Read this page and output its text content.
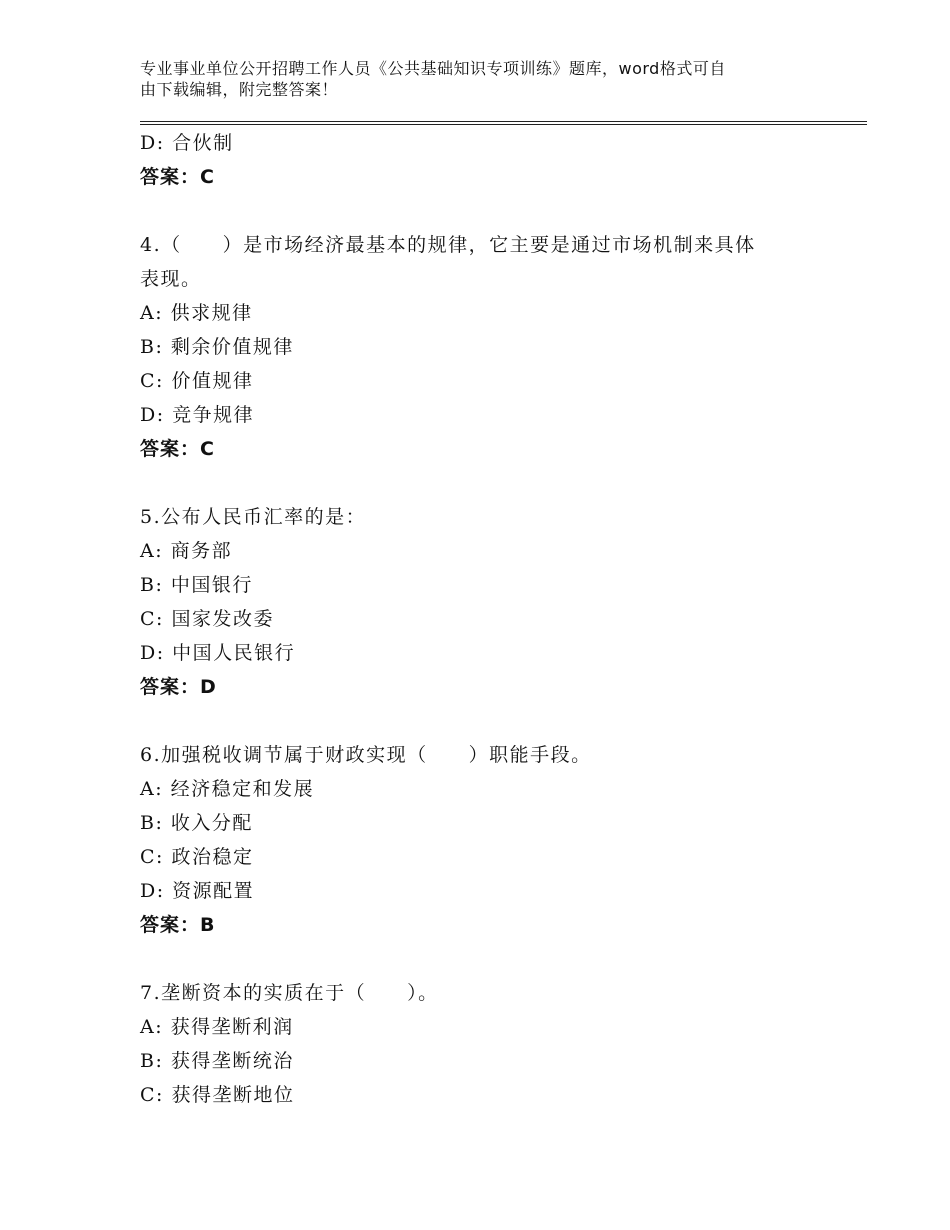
专业事业单位公开招聘工作人员《公共基础知识专项训练》题库，word格式可自
由下载编辑，附完整答案！
D: 合伙制
答案：C
4.（　　）是市场经济最基本的规律，它主要是通过市场机制来具体
表现。
A: 供求规律
B: 剩余价值规律
C: 价值规律
D: 竞争规律
答案：C
5.公布人民币汇率的是：
A: 商务部
B: 中国银行
C: 国家发改委
D: 中国人民银行
答案：D
6.加强税收调节属于财政实现（　　）职能手段。
A: 经济稳定和发展
B: 收入分配
C: 政治稳定
D: 资源配置
答案：B
7.垄断资本的实质在于（　　）。
A: 获得垄断利润
B: 获得垄断统治
C: 获得垄断地位
